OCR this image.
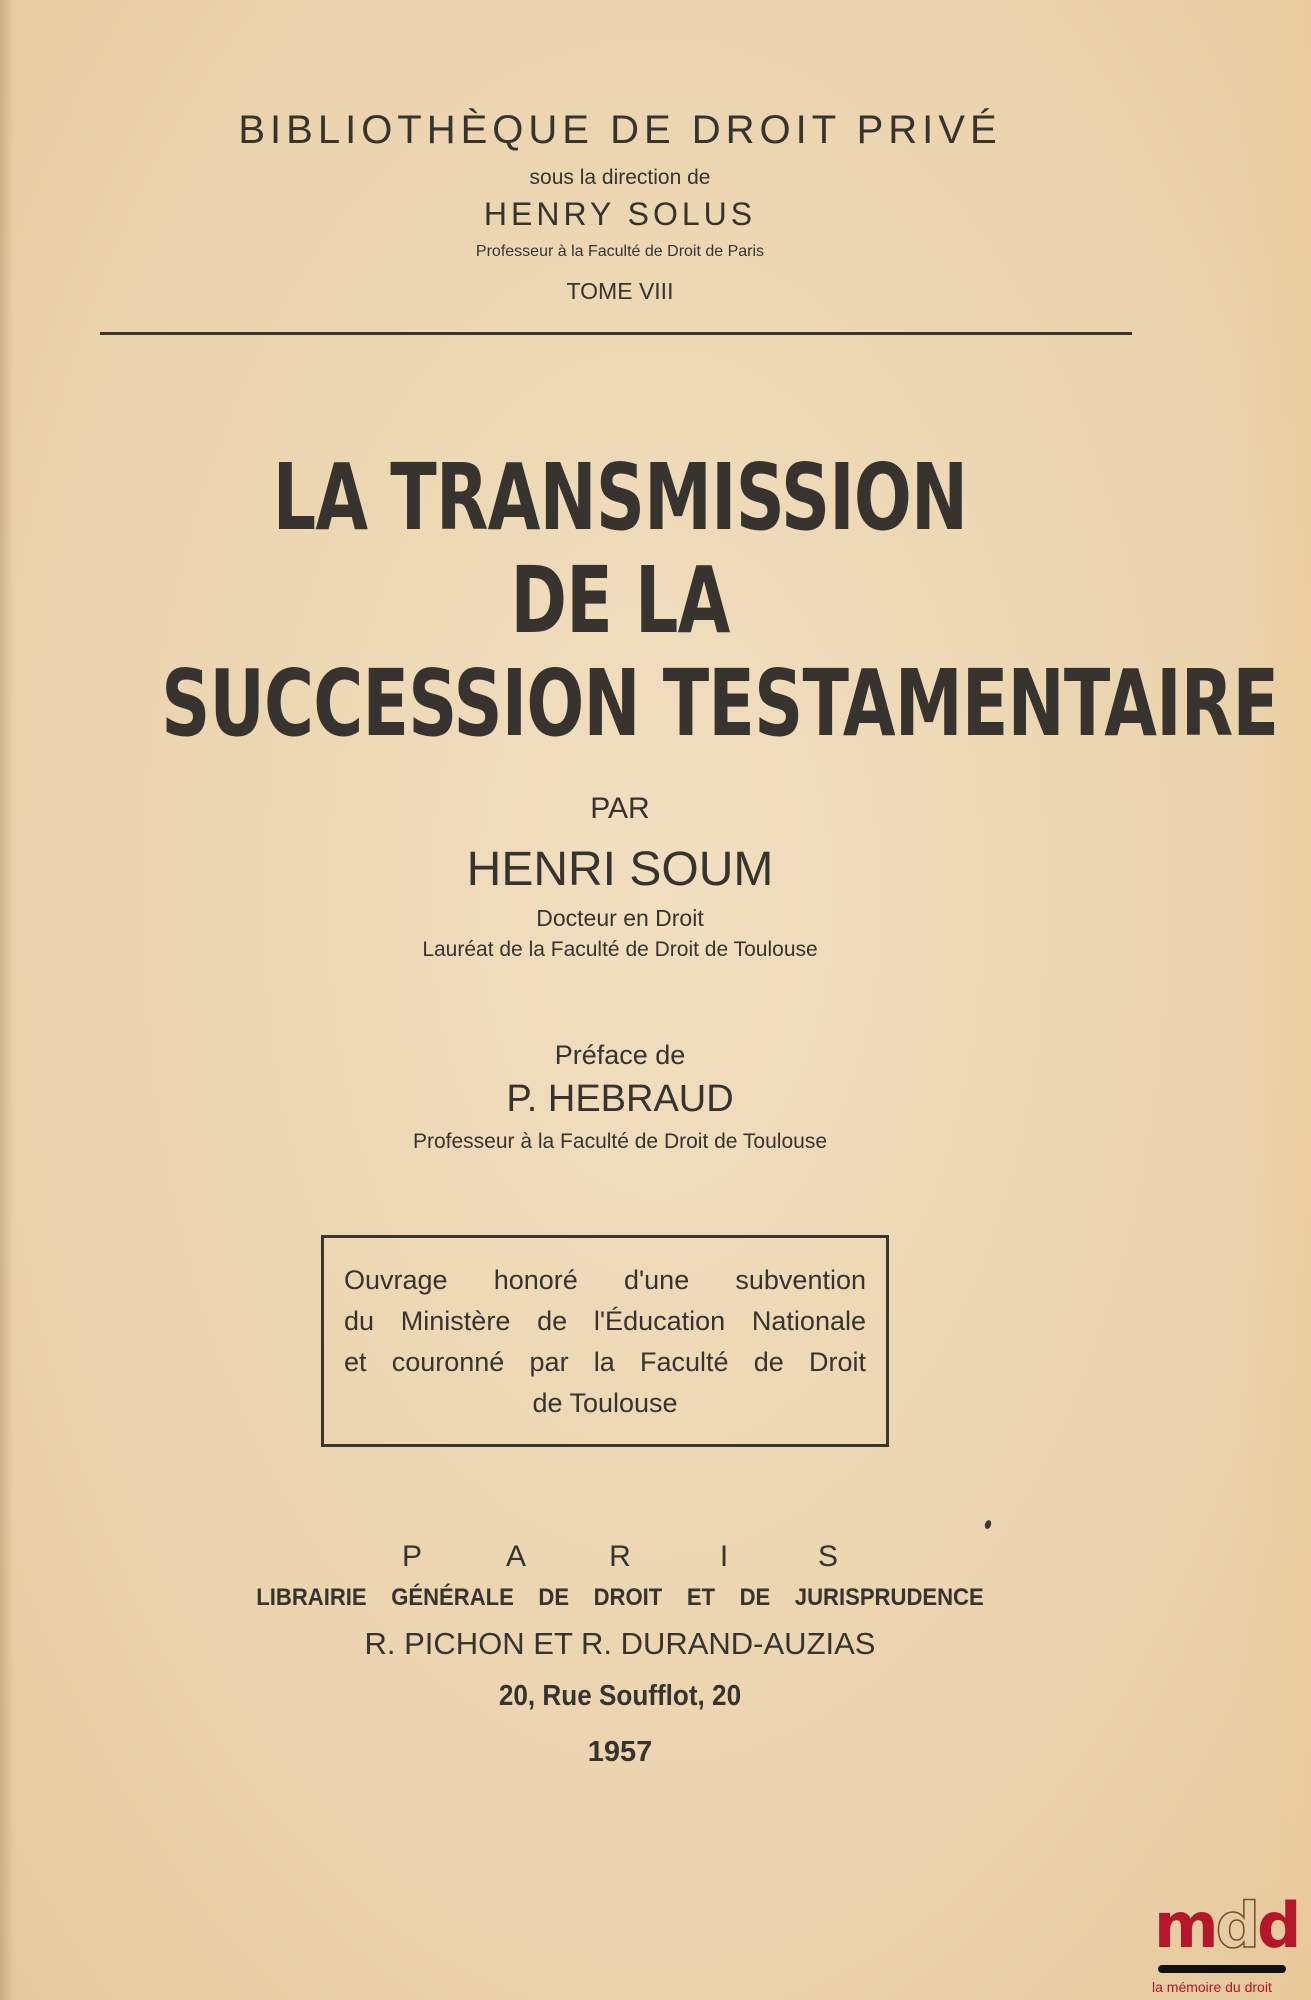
BIBLIOTHÈQUE DE DROIT PRIVÉ
sous la direction de
HENRY SOLUS
Professeur à la Faculté de Droit de Paris
TOME VIII
LA TRANSMISSION
DE LA
SUCCESSION TESTAMENTAIRE
PAR
HENRI SOUM
Docteur en Droit
Lauréat de la Faculté de Droit de Toulouse
Préface de
P. HEBRAUD
Professeur à la Faculté de Droit de Toulouse
Ouvrage honoré d'une subvention
du Ministère de l'Éducation Nationale
et couronné par la Faculté de Droit
de Toulouse
P	A	R	I	S
LIBRAIRIE GÉNÉRALE DE DROIT ET DE JURISPRUDENCE
R. PICHON ET R. DURAND-AUZIAS
20, Rue Soufflot, 20
1957
mdd
la mémoire du droit
